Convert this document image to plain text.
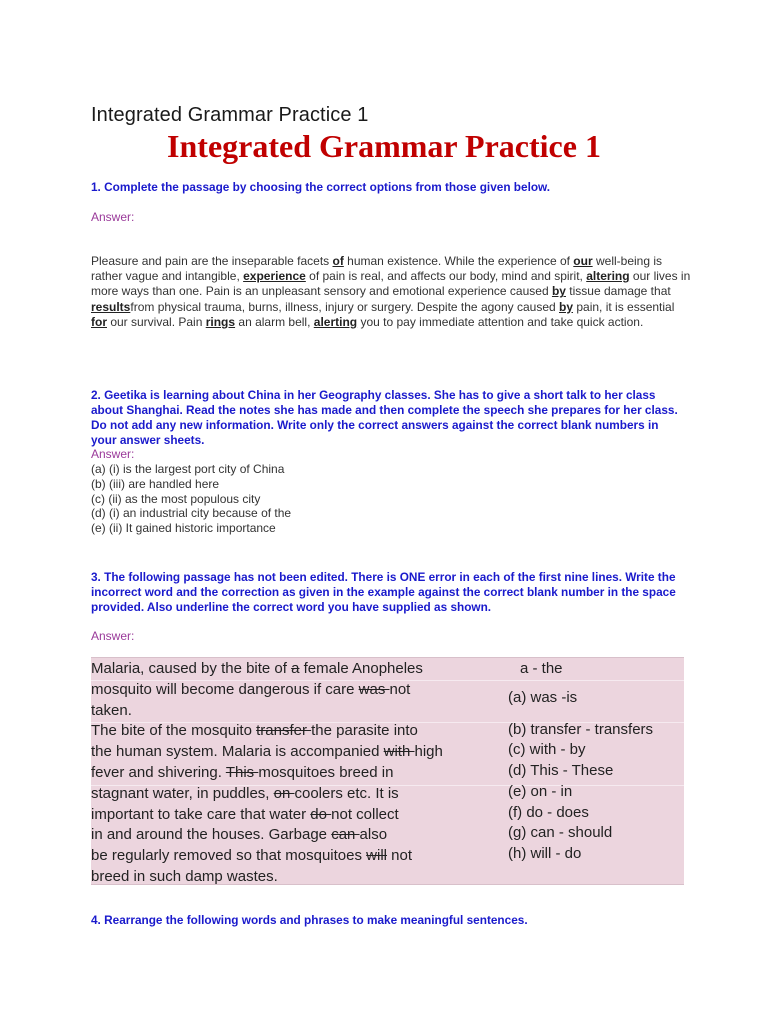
Integrated Grammar Practice 1
Integrated Grammar Practice 1
1. Complete the passage by choosing the correct options from those given below.
Answer:
Pleasure and pain are the inseparable facets of human existence. While the experience of our well-being is rather vague and intangible, experience of pain is real, and affects our body, mind and spirit, altering our lives in more ways than one. Pain is an unpleasant sensory and emotional experience caused by tissue damage that resultsfrom physical trauma, burns, illness, injury or surgery. Despite the agony caused by pain, it is essential for our survival. Pain rings an alarm bell, alerting you to pay immediate attention and take quick action.
2. Geetika is learning about China in her Geography classes. She has to give a short talk to her class about Shanghai. Read the notes she has made and then complete the speech she prepares for her class. Do not add any new information. Write only the correct answers against the correct blank numbers in your answer sheets.
Answer:
(a) (i) is the largest port city of China
(b) (iii) are handled here
(c) (ii) as the most populous city
(d) (i) an industrial city because of the
(e) (ii) It gained historic importance
3. The following passage has not been edited. There is ONE error in each of the first nine lines. Write the incorrect word and the correction as given in the example against the correct blank number in the space provided. Also underline the correct word you have supplied as shown.
Answer:
Malaria, caused by the bite of a female Anopheles
mosquito will become dangerous if care was not
taken.
The bite of the mosquito transfer the parasite into
the human system. Malaria is accompanied with high
fever and shivering. This mosquitoes breed in
stagnant water, in puddles, on coolers etc. It is
important to take care that water do not collect
in and around the houses. Garbage can also
be regularly removed so that mosquitoes will not
breed in such damp wastes.
a - the
(a) was -is
(b) transfer - transfers
(c) with - by
(d) This - These
(e) on - in
(f) do - does
(g) can - should
(h) will - do
4. Rearrange the following words and phrases to make meaningful sentences.
